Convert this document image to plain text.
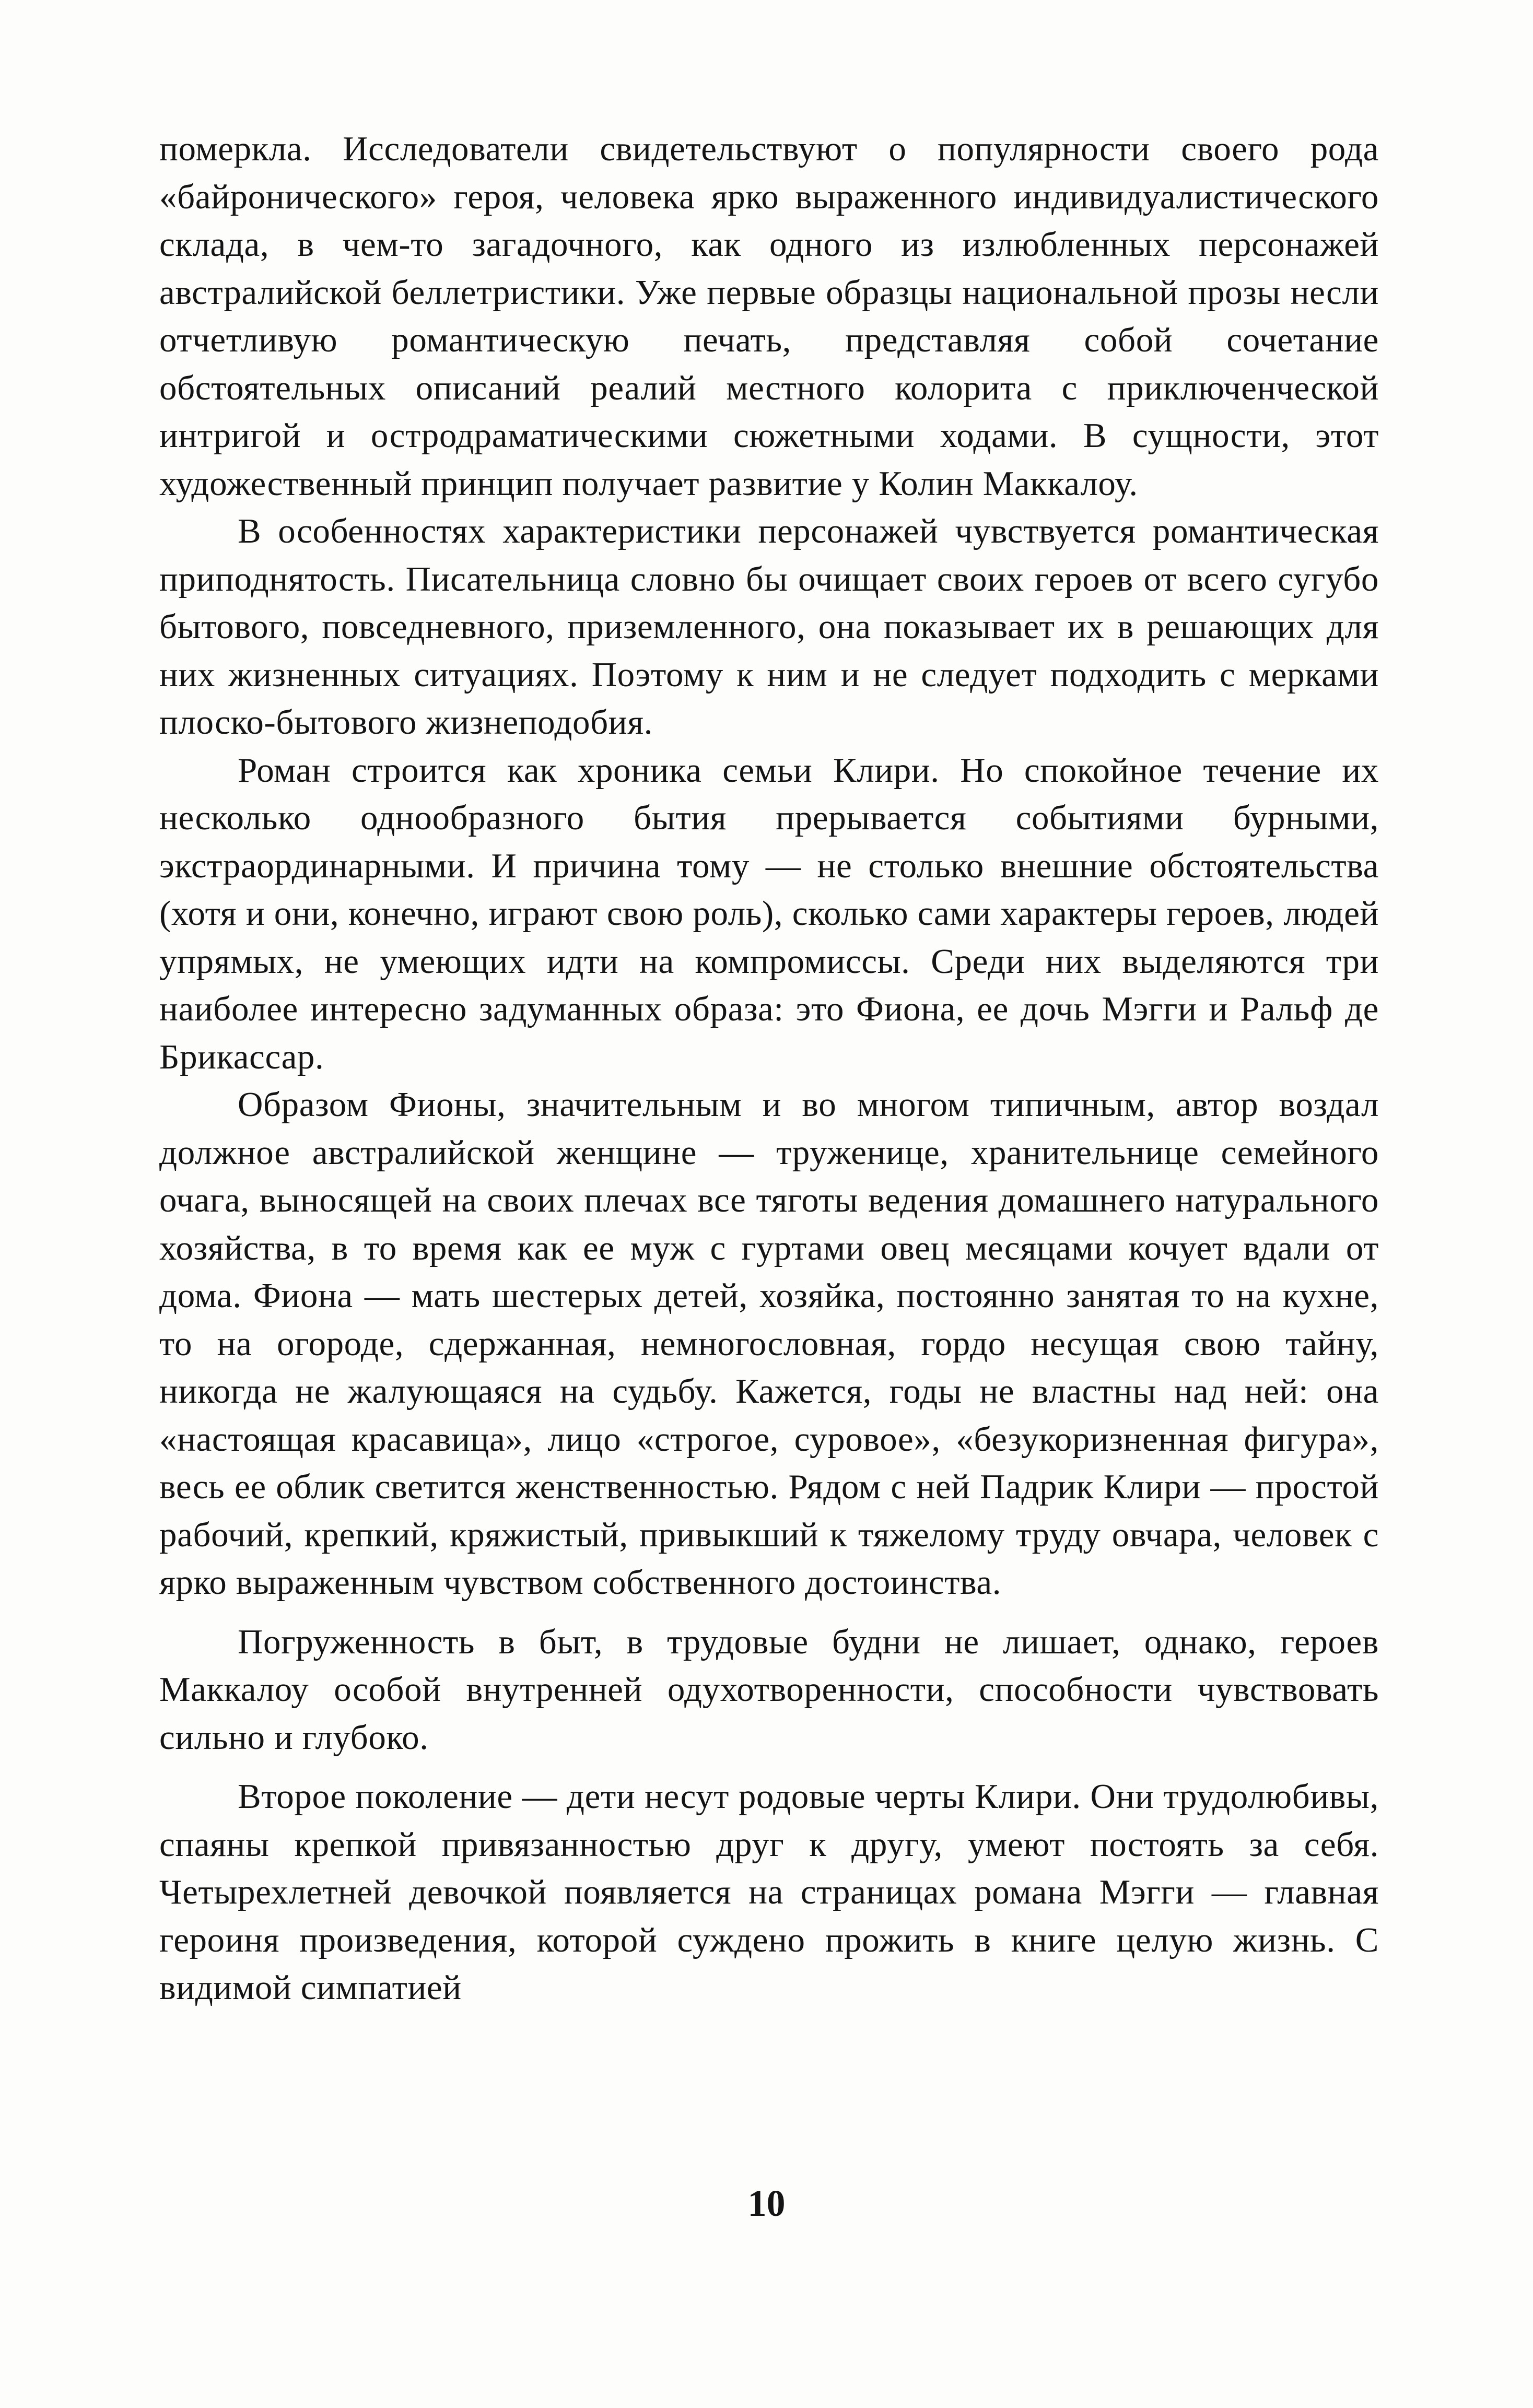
померкла. Исследователи свидетельствуют о популярности своего рода «байронического» героя, человека ярко выраженного индивидуалистического склада, в чем-то загадочного, как одного из излюбленных персонажей австралийской беллетристики. Уже первые образцы национальной прозы несли отчетливую романтическую печать, представляя собой сочетание обстоятельных описаний реалий местного колорита с приключенческой интригой и остродраматическими сюжетными ходами. В сущности, этот художественный принцип получает развитие у Колин Маккалоу.

В особенностях характеристики персонажей чувствуется романтическая приподнятость. Писательница словно бы очищает своих героев от всего сугубо бытового, повседневного, приземленного, она показывает их в решающих для них жизненных ситуациях. Поэтому к ним и не следует подходить с мерками плоско-бытового жизнеподобия.

Роман строится как хроника семьи Клири. Но спокойное течение их несколько однообразного бытия прерывается событиями бурными, экстраординарными. И причина тому — не столько внешние обстоятельства (хотя и они, конечно, играют свою роль), сколько сами характеры героев, людей упрямых, не умеющих идти на компромиссы. Среди них выделяются три наиболее интересно задуманных образа: это Фиона, ее дочь Мэгги и Ральф де Брикассар.

Образом Фионы, значительным и во многом типичным, автор воздал должное австралийской женщине — труженице, хранительнице семейного очага, выносящей на своих плечах все тяготы ведения домашнего натурального хозяйства, в то время как ее муж с гуртами овец месяцами кочует вдали от дома. Фиона — мать шестерых детей, хозяйка, постоянно занятая то на кухне, то на огороде, сдержанная, немногословная, гордо несущая свою тайну, никогда не жалующаяся на судьбу. Кажется, годы не властны над ней: она «настоящая красавица», лицо «строгое, суровое», «безукоризненная фигура», весь ее облик светится женственностью. Рядом с ней Падрик Клири — простой рабочий, крепкий, кряжистый, привыкший к тяжелому труду овчара, человек с ярко выраженным чувством собственного достоинства.

Погруженность в быт, в трудовые будни не лишает, однако, героев Маккалоу особой внутренней одухотворенности, способности чувствовать сильно и глубоко.

Второе поколение — дети несут родовые черты Клири. Они трудолюбивы, спаяны крепкой привязанностью друг к другу, умеют постоять за себя. Четырехлетней девочкой появляется на страницах романа Мэгги — главная героиня произведения, которой суждено прожить в книге целую жизнь. С видимой симпатией

10
